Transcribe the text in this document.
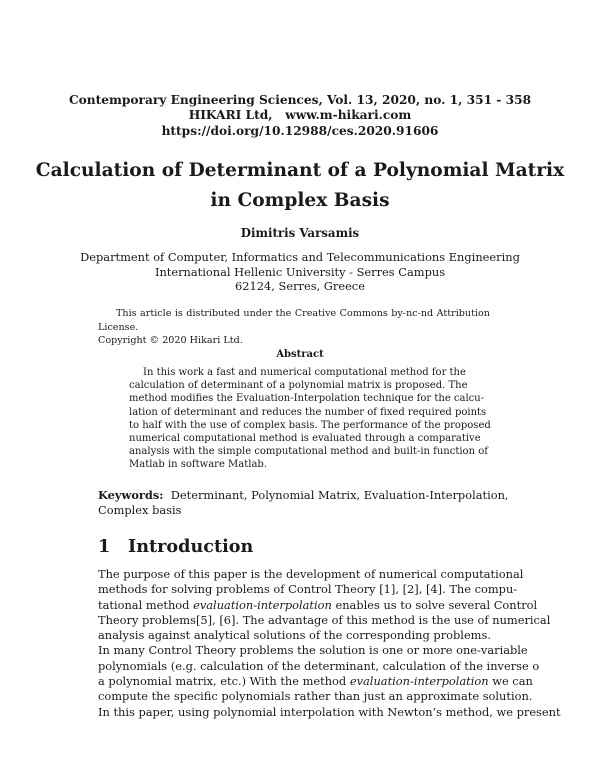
Contemporary Engineering Sciences, Vol. 13, 2020, no. 1, 351 - 358
HIKARI Ltd,   www.m-hikari.com
https://doi.org/10.12988/ces.2020.91606
Calculation of Determinant of a Polynomial Matrix
in Complex Basis
Dimitris Varsamis
Department of Computer, Informatics and Telecommunications Engineering
International Hellenic University - Serres Campus
62124, Serres, Greece
This article is distributed under the Creative Commons by-nc-nd Attribution License.
Copyright © 2020 Hikari Ltd.
Abstract
In this work a fast and numerical computational method for the
calculation of determinant of a polynomial matrix is proposed. The
method modifies the Evaluation-Interpolation technique for the calcu-
lation of determinant and reduces the number of fixed required points
to half with the use of complex basis. The performance of the proposed
numerical computational method is evaluated through a comparative
analysis with the simple computational method and built-in function of
Matlab in software Matlab.
Keywords: Determinant, Polynomial Matrix, Evaluation-Interpolation,
Complex basis
1 Introduction
The purpose of this paper is the development of numerical computational
methods for solving problems of Control Theory [1], [2], [4]. The compu-
tational method evaluation-interpolation enables us to solve several Control
Theory problems[5], [6]. The advantage of this method is the use of numerical
analysis against analytical solutions of the corresponding problems.
In many Control Theory problems the solution is one or more one-variable
polynomials (e.g. calculation of the determinant, calculation of the inverse o
a polynomial matrix, etc.) With the method evaluation-interpolation we can
compute the specific polynomials rather than just an approximate solution.
In this paper, using polynomial interpolation with Newton’s method, we present
